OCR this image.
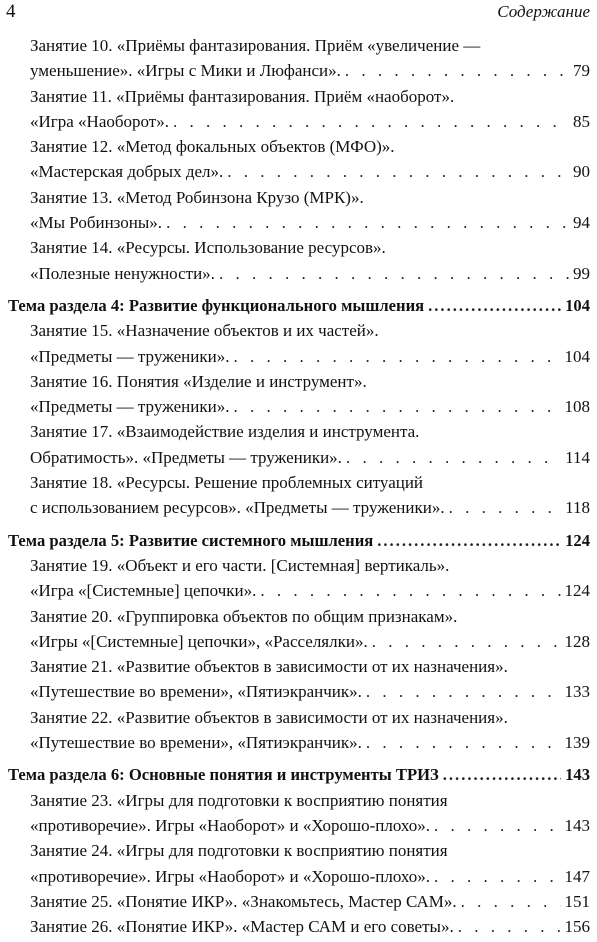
4	Содержание
Занятие 10. «Приёмы фантазирования. Приём «увеличение —
уменьшение». «Игры с Мики и Люфанси». . . .	79
Занятие 11. «Приёмы фантазирования. Приём «наоборот».
«Игра «Наоборот». . . .	85
Занятие 12. «Метод фокальных объектов (МФО)».
«Мастерская добрых дел». . . .	90
Занятие 13. «Метод Робинзона Крузо (МРК)».
«Мы Робинзоны». . . .	94
Занятие 14. «Ресурсы. Использование ресурсов».
«Полезные ненужности». . . .	99
Тема раздела 4: Развитие функционального мышления .....	104
Занятие 15. «Назначение объектов и их частей».
«Предметы — труженики». . . .	104
Занятие 16. Понятия «Изделие и инструмент».
«Предметы — труженики». . . .	108
Занятие 17. «Взаимодействие изделия и инструмента.
Обратимость». «Предметы — труженики». . . .	114
Занятие 18. «Ресурсы. Решение проблемных ситуаций
с использованием ресурсов». «Предметы — труженики». . . .	118
Тема раздела 5: Развитие системного мышления .....	124
Занятие 19. «Объект и его части. [Системная] вертикаль».
«Игра «[Системные] цепочки». . . .	124
Занятие 20. «Группировка объектов по общим признакам».
«Игры «[Системные] цепочки», «Расселялки». . . .	128
Занятие 21. «Развитие объектов в зависимости от их назначения».
«Путешествие во времени», «Пятиэкранчик». . . .	133
Занятие 22. «Развитие объектов в зависимости от их назначения».
«Путешествие во времени», «Пятиэкранчик». . . .	139
Тема раздела 6: Основные понятия и инструменты ТРИЗ .....	143
Занятие 23. «Игры для подготовки к восприятию понятия
«противоречие». Игры «Наоборот» и «Хорошо-плохо». . . .	143
Занятие 24. «Игры для подготовки к восприятию понятия
«противоречие». Игры «Наоборот» и «Хорошо-плохо». . . .	147
Занятие 25. «Понятие ИКР». «Знакомьтесь, Мастер САМ». . . .	151
Занятие 26. «Понятие ИКР». «Мастер САМ и его советы». . . .	156
